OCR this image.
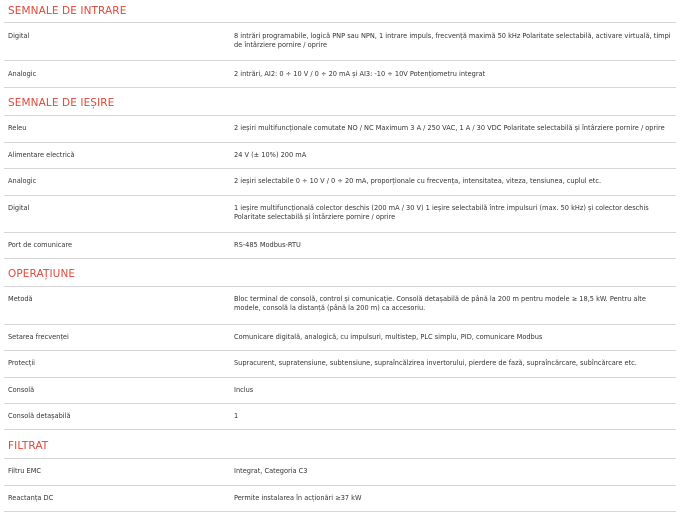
SEMNALE DE INTRARE

Digital	8 intrări programabile, logică PNP sau NPN, 1 intrare impuls, frecvență maximă 50 kHz Polaritate selectabilă, activare virtuală, timpi de întârziere pornire / oprire

Analogic	2 intrări, AI2: 0 ÷ 10 V / 0 ÷ 20 mA și AI3: -10 ÷ 10V Potențiometru integrat

SEMNALE DE IEȘIRE

Releu	2 ieșiri multifuncționale comutate NO / NC Maximum 3 A / 250 VAC, 1 A / 30 VDC Polaritate selectabilă și întârziere pornire / oprire

Alimentare electrică	24 V (± 10%) 200 mA

Analogic	2 ieșiri selectabile 0 ÷ 10 V / 0 ÷ 20 mA, proporționale cu frecvența, intensitatea, viteza, tensiunea, cuplul etc.

Digital	1 ieșire multifuncțională colector deschis (200 mA / 30 V) 1 ieșire selectabilă între impulsuri (max. 50 kHz) și colector deschis Polaritate selectabilă și întârziere pornire / oprire

Port de comunicare	RS-485 Modbus-RTU

OPERAȚIUNE

Metodă	Bloc terminal de consolă, control și comunicație. Consolă detașabilă de până la 200 m pentru modele ≥ 18,5 kW. Pentru alte modele, consolă la distanță (până la 200 m) ca accesoriu.

Setarea frecvenței	Comunicare digitală, analogică, cu impulsuri, multistep, PLC simplu, PID, comunicare Modbus

Protecții	Supracurent, supratensiune, subtensiune, supraîncălzirea invertorului, pierdere de fază, supraîncărcare, subîncărcare etc.

Consolă	Inclus

Consolă detașabilă	1

FILTRAT

Filtru EMC	Integrat, Categoria C3

Reactanța DC	Permite instalarea în acționări ≥37 kW
